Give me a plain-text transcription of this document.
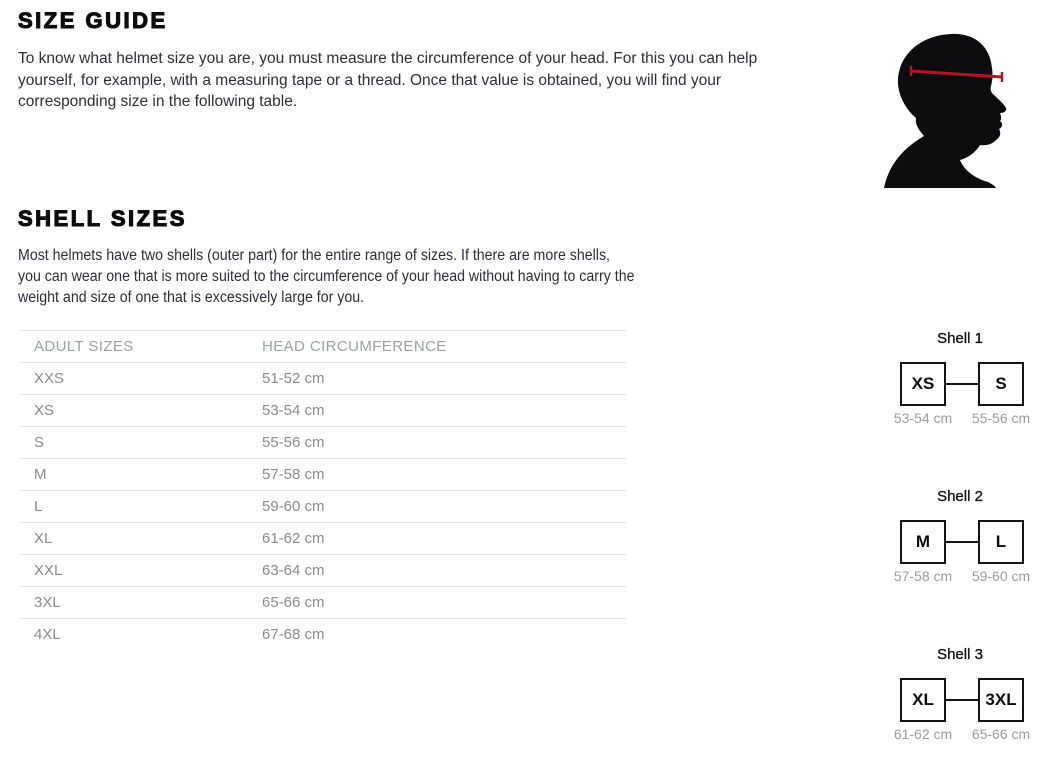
SIZE GUIDE

To know what helmet size you are, you must measure the circumference of your head. For this you can help yourself, for example, with a measuring tape or a thread. Once that value is obtained, you will find your corresponding size in the following table.

SHELL SIZES

Most helmets have two shells (outer part) for the entire range of sizes. If there are more shells, you can wear one that is more suited to the circumference of your head without having to carry the weight and size of one that is excessively large for you.

ADULT SIZES	HEAD CIRCUMFERENCE
XXS	51-52 cm
XS	53-54 cm
S	55-56 cm
M	57-58 cm
L	59-60 cm
XL	61-62 cm
XXL	63-64 cm
3XL	65-66 cm
4XL	67-68 cm
Shell 1
XS	S
53-54 cm	55-56 cm
Shell 2
M	L
57-58 cm	59-60 cm
Shell 3
XL	3XL
61-62 cm	65-66 cm
